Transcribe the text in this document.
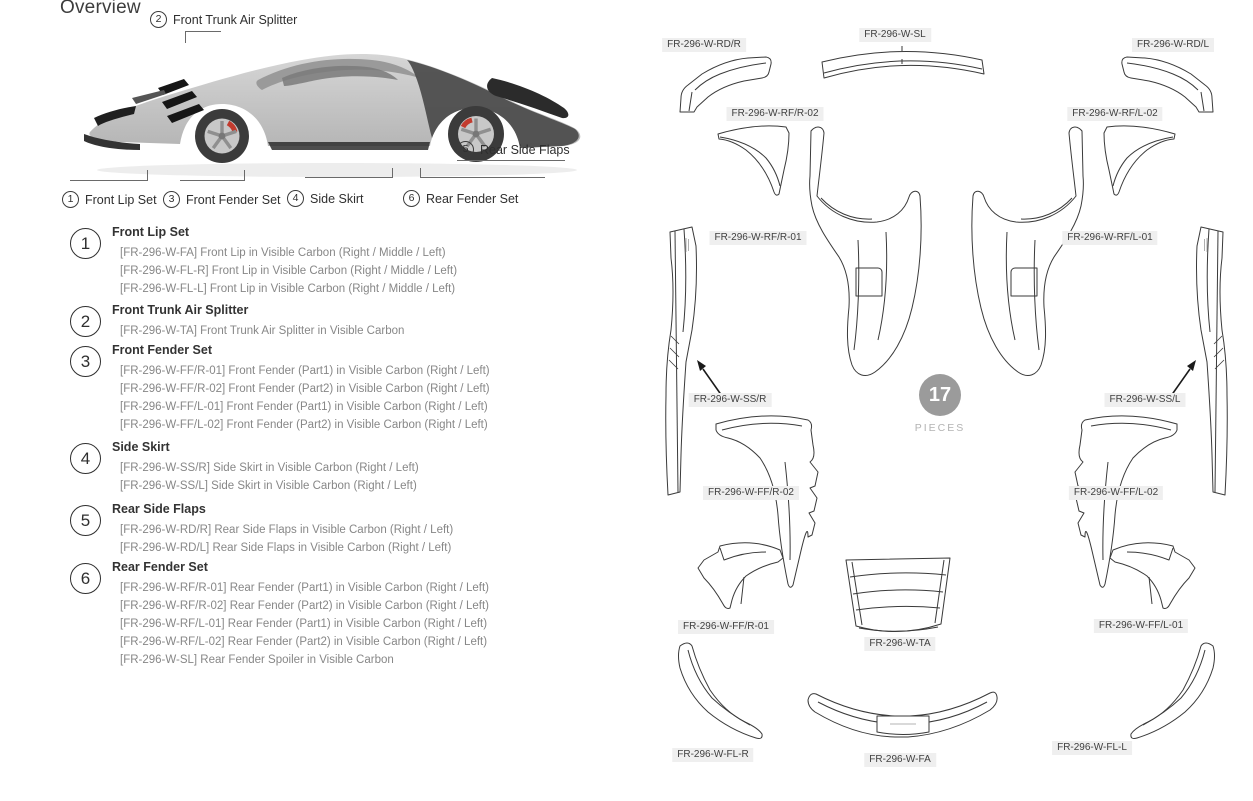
Overview
2 Front Trunk Air Splitter
5 Rear Side Flaps
1 Front Lip Set	3 Front Fender Set	4 Side Skirt	6 Rear Fender Set
1
Front Lip Set
[FR-296-W-FA] Front Lip in Visible Carbon (Right / Middle / Left)
[FR-296-W-FL-R] Front Lip in Visible Carbon (Right / Middle / Left)
[FR-296-W-FL-L] Front Lip in Visible Carbon (Right / Middle / Left)
2
Front Trunk Air Splitter
[FR-296-W-TA] Front Trunk Air Splitter in Visible Carbon
3
Front Fender Set
[FR-296-W-FF/R-01] Front Fender (Part1) in Visible Carbon (Right / Left)
[FR-296-W-FF/R-02] Front Fender (Part2) in Visible Carbon (Right / Left)
[FR-296-W-FF/L-01] Front Fender (Part1) in Visible Carbon (Right / Left)
[FR-296-W-FF/L-02] Front Fender (Part2) in Visible Carbon (Right / Left)
4
Side Skirt
[FR-296-W-SS/R] Side Skirt in Visible Carbon (Right / Left)
[FR-296-W-SS/L] Side Skirt in Visible Carbon (Right / Left)
5
Rear Side Flaps
[FR-296-W-RD/R] Rear Side Flaps in Visible Carbon (Right / Left)
[FR-296-W-RD/L] Rear Side Flaps in Visible Carbon (Right / Left)
6
Rear Fender Set
[FR-296-W-RF/R-01] Rear Fender (Part1) in Visible Carbon (Right / Left)
[FR-296-W-RF/R-02] Rear Fender (Part2) in Visible Carbon (Right / Left)
[FR-296-W-RF/L-01] Rear Fender (Part1) in Visible Carbon (Right / Left)
[FR-296-W-RF/L-02] Rear Fender (Part2) in Visible Carbon (Right / Left)
[FR-296-W-SL] Rear Fender Spoiler in Visible Carbon
FR-296-W-RD/R
FR-296-W-SL
FR-296-W-RD/L
FR-296-W-RF/R-02	FR-296-W-RF/L-02
FR-296-W-RF/R-01	FR-296-W-RF/L-01
FR-296-W-SS/R	FR-296-W-SS/L
FR-296-W-FF/R-02	FR-296-W-FF/L-02
FR-296-W-FF/R-01
FR-296-W-TA
FR-296-W-FF/L-01
FR-296-W-FL-R	FR-296-W-FA
FR-296-W-FL-L
17
PIECES
